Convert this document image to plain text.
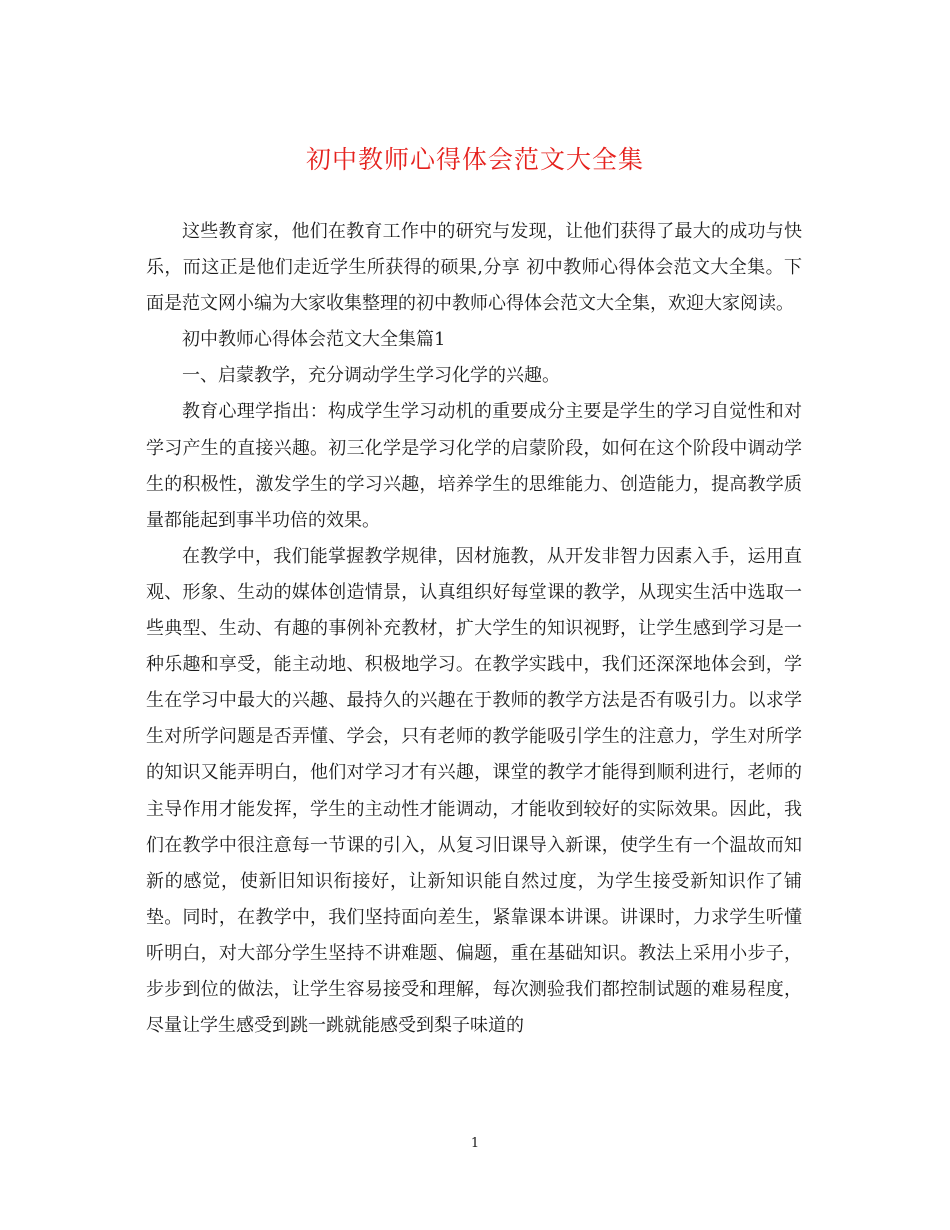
初中教师心得体会范文大全集

这些教育家，他们在教育工作中的研究与发现，让他们获得了最大的成功与快乐，而这正是他们走近学生所获得的硕果,分享 初中教师心得体会范文大全集。下面是范文网小编为大家收集整理的初中教师心得体会范文大全集，欢迎大家阅读。

初中教师心得体会范文大全集篇1

一、启蒙教学，充分调动学生学习化学的兴趣。

教育心理学指出：构成学生学习动机的重要成分主要是学生的学习自觉性和对学习产生的直接兴趣。初三化学是学习化学的启蒙阶段，如何在这个阶段中调动学生的积极性，激发学生的学习兴趣，培养学生的思维能力、创造能力，提高教学质量都能起到事半功倍的效果。

在教学中，我们能掌握教学规律，因材施教，从开发非智力因素入手，运用直观、形象、生动的媒体创造情景，认真组织好每堂课的教学，从现实生活中选取一些典型、生动、有趣的事例补充教材，扩大学生的知识视野，让学生感到学习是一种乐趣和享受，能主动地、积极地学习。在教学实践中，我们还深深地体会到，学生在学习中最大的兴趣、最持久的兴趣在于教师的教学方法是否有吸引力。以求学生对所学问题是否弄懂、学会，只有老师的教学能吸引学生的注意力，学生对所学的知识又能弄明白，他们对学习才有兴趣，课堂的教学才能得到顺利进行，老师的主导作用才能发挥，学生的主动性才能调动，才能收到较好的实际效果。因此，我们在教学中很注意每一节课的引入，从复习旧课导入新课，使学生有一个温故而知新的感觉，使新旧知识衔接好，让新知识能自然过度，为学生接受新知识作了铺垫。同时，在教学中，我们坚持面向差生，紧靠课本讲课。讲课时，力求学生听懂听明白，对大部分学生坚持不讲难题、偏题，重在基础知识。教法上采用小步子，步步到位的做法，让学生容易接受和理解，每次测验我们都控制试题的难易程度，尽量让学生感受到跳一跳就能感受到梨子味道的

1
